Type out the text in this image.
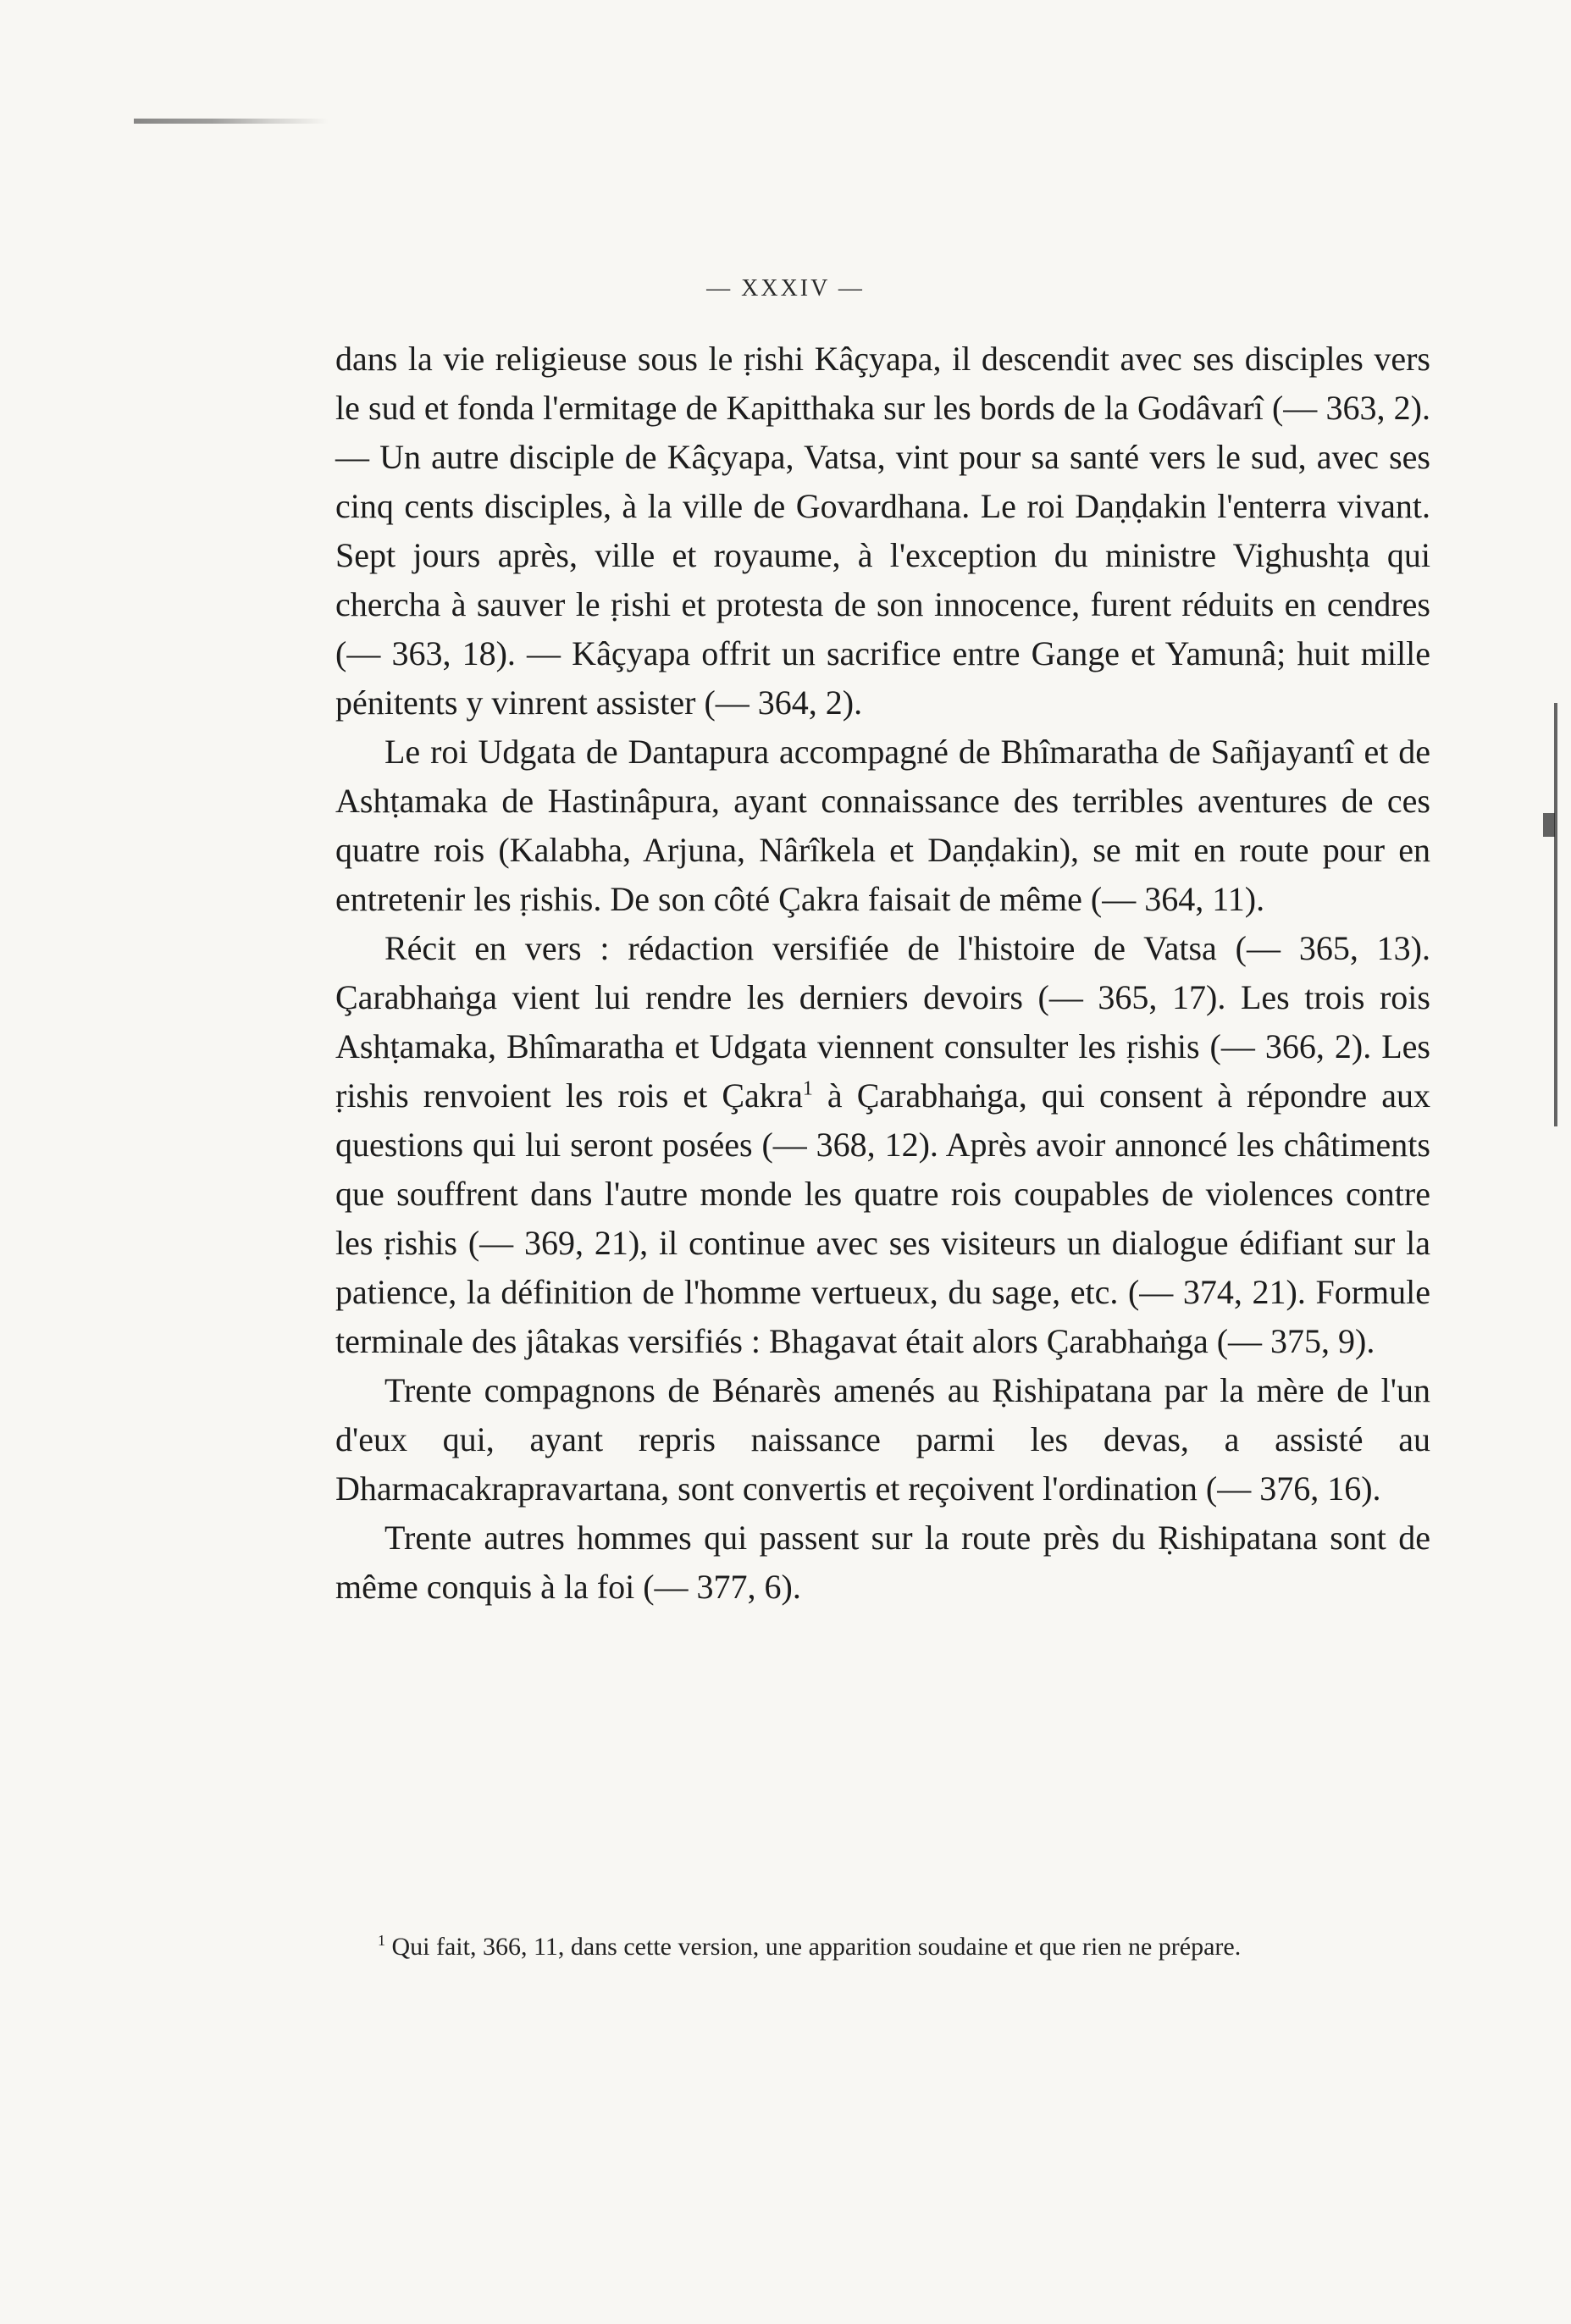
— XXXIV —

dans la vie religieuse sous le ṛishi Kâçyapa, il descendit avec ses disciples vers le sud et fonda l'ermitage de Kapitthaka sur les bords de la Godâvarî (— 363, 2). — Un autre disciple de Kâçyapa, Vatsa, vint pour sa santé vers le sud, avec ses cinq cents disciples, à la ville de Govardhana. Le roi Daṇḍakin l'enterra vivant. Sept jours après, ville et royaume, à l'exception du ministre Vighushṭa qui chercha à sauver le ṛishi et protesta de son innocence, furent réduits en cendres (— 363, 18). — Kâçyapa offrit un sacrifice entre Gange et Yamunâ; huit mille pénitents y vinrent assister (— 364, 2).

Le roi Udgata de Dantapura accompagné de Bhîmaratha de Sañjayantî et de Ashṭamaka de Hastinâpura, ayant connaissance des terribles aventures de ces quatre rois (Kalabha, Arjuna, Nârîkela et Daṇḍakin), se mit en route pour en entretenir les ṛishis. De son côté Çakra faisait de même (— 364, 11).

Récit en vers : rédaction versifiée de l'histoire de Vatsa (— 365, 13). Çarabhaṅga vient lui rendre les derniers devoirs (— 365, 17). Les trois rois Ashṭamaka, Bhîmaratha et Udgata viennent consulter les ṛishis (— 366, 2). Les ṛishis renvoient les rois et Çakra$^1$ à Çarabhaṅga, qui consent à répondre aux questions qui lui seront posées (— 368, 12). Après avoir annoncé les châtiments que souffrent dans l'autre monde les quatre rois coupables de violences contre les ṛishis (— 369, 21), il continue avec ses visiteurs un dialogue édifiant sur la patience, la définition de l'homme vertueux, du sage, etc. (— 374, 21). Formule terminale des jâtakas versifiés : Bhagavat était alors Çarabhaṅga (— 375, 9).

Trente compagnons de Bénarès amenés au Ṛishipatana par la mère de l'un d'eux qui, ayant repris naissance parmi les devas, a assisté au Dharmacakrapravartana, sont convertis et reçoivent l'ordination (— 376, 16).

Trente autres hommes qui passent sur la route près du Ṛishipatana sont de même conquis à la foi (— 377, 6).

$^1$ Qui fait, 366, 11, dans cette version, une apparition soudaine et que rien ne prépare.
